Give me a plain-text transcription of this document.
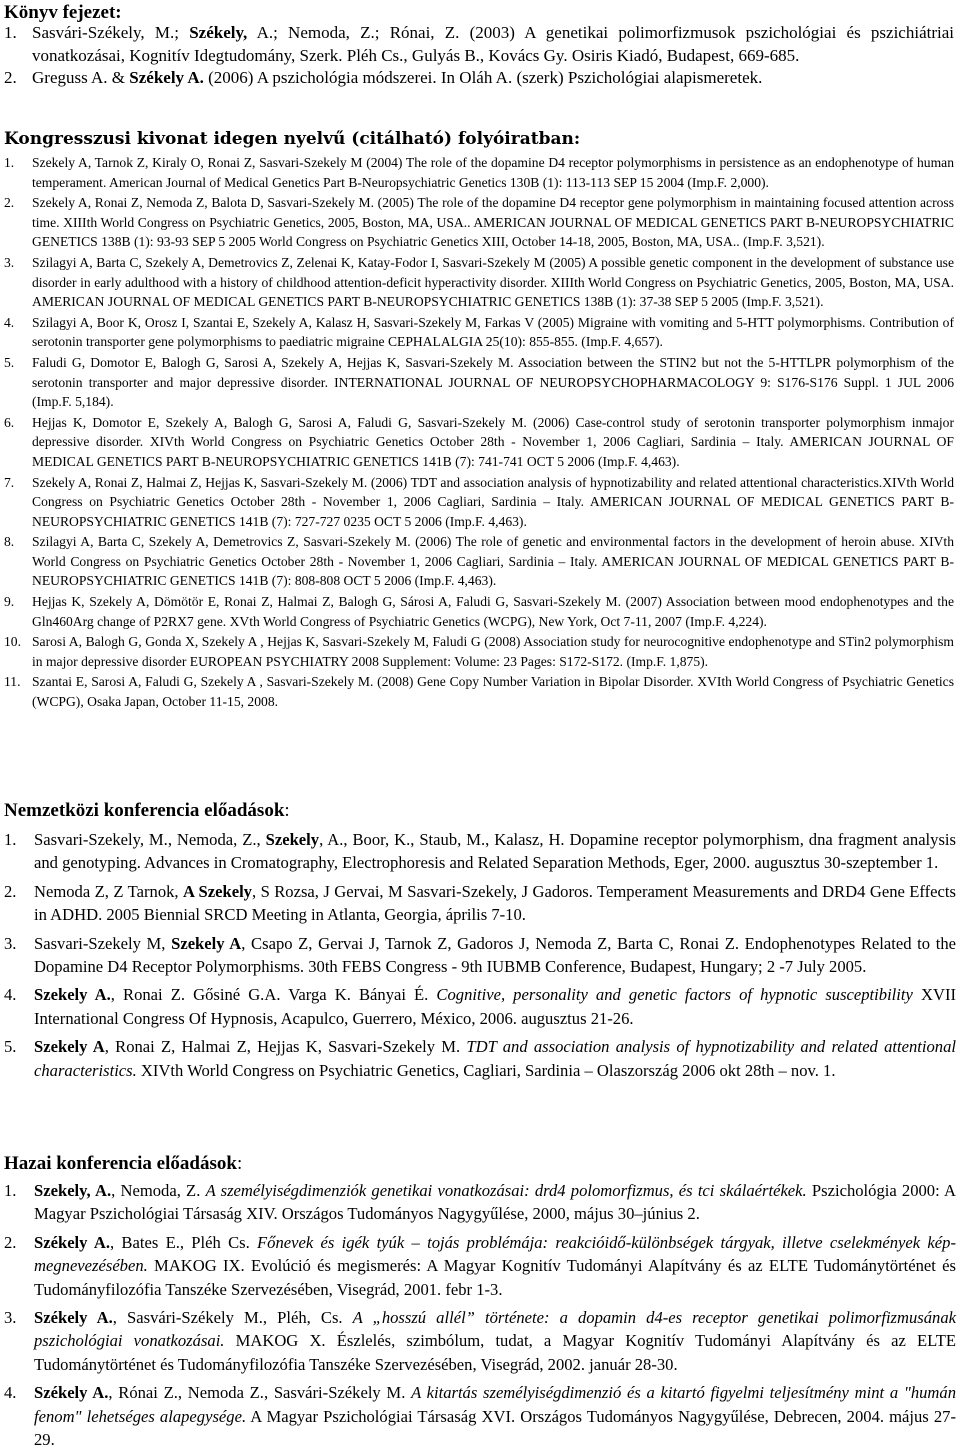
Könyv fejezet:
1. Sasvári-Székely, M.; Székely, A.; Nemoda, Z.; Rónai, Z. (2003) A genetikai polimorfizmusok pszichológiai és pszichiátriai vonatkozásai, Kognitív Idegtudomány, Szerk. Pléh Cs., Gulyás B., Kovács Gy. Osiris Kiadó, Budapest, 669-685.
2. Greguss A. & Székely A. (2006) A pszichológia módszerei. In Oláh A. (szerk) Pszichológiai alapismeretek.
Kongresszusi kivonat idegen nyelvű (citálható) folyóiratban:
1. Szekely A, Tarnok Z, Kiraly O, Ronai Z, Sasvari-Szekely M (2004) The role of the dopamine D4 receptor polymorphisms in persistence as an endophenotype of human temperament. American Journal of Medical Genetics Part B-Neuropsychiatric Genetics 130B (1): 113-113 SEP 15 2004 (Imp.F. 2,000).
2. Szekely A, Ronai Z, Nemoda Z, Balota D, Sasvari-Szekely M. (2005) The role of the dopamine D4 receptor gene polymorphism in maintaining focused attention across time. XIIIth World Congress on Psychiatric Genetics, 2005, Boston, MA, USA.. AMERICAN JOURNAL OF MEDICAL GENETICS PART B-NEUROPSYCHIATRIC GENETICS 138B (1): 93-93 SEP 5 2005 World Congress on Psychiatric Genetics XIII, October 14-18, 2005, Boston, MA, USA.. (Imp.F. 3,521).
3. Szilagyi A, Barta C, Szekely A, Demetrovics Z, Zelenai K, Katay-Fodor I, Sasvari-Szekely M (2005) A possible genetic component in the development of substance use disorder in early adulthood with a history of childhood attention-deficit hyperactivity disorder. XIIIth World Congress on Psychiatric Genetics, 2005, Boston, MA, USA. AMERICAN JOURNAL OF MEDICAL GENETICS PART B-NEUROPSYCHIATRIC GENETICS 138B (1): 37-38 SEP 5 2005 (Imp.F. 3,521).
4. Szilagyi A, Boor K, Orosz I, Szantai E, Szekely A, Kalasz H, Sasvari-Szekely M, Farkas V (2005) Migraine with vomiting and 5-HTT polymorphisms. Contribution of serotonin transporter gene polymorphisms to paediatric migraine CEPHALALGIA 25(10): 855-855. (Imp.F. 4,657).
5. Faludi G, Domotor E, Balogh G, Sarosi A, Szekely A, Hejjas K, Sasvari-Szekely M. Association between the STIN2 but not the 5-HTTLPR polymorphism of the serotonin transporter and major depressive disorder. INTERNATIONAL JOURNAL OF NEUROPSYCHOPHARMACOLOGY 9: S176-S176 Suppl. 1 JUL 2006 (Imp.F. 5,184).
6. Hejjas K, Domotor E, Szekely A, Balogh G, Sarosi A, Faludi G, Sasvari-Szekely M. (2006) Case-control study of serotonin transporter polymorphism inmajor depressive disorder. XIVth World Congress on Psychiatric Genetics October 28th - November 1, 2006 Cagliari, Sardinia – Italy. AMERICAN JOURNAL OF MEDICAL GENETICS PART B-NEUROPSYCHIATRIC GENETICS 141B (7): 741-741 OCT 5 2006 (Imp.F. 4,463).
7. Szekely A, Ronai Z, Halmai Z, Hejjas K, Sasvari-Szekely M. (2006) TDT and association analysis of hypnotizability and related attentional characteristics.XIVth World Congress on Psychiatric Genetics October 28th - November 1, 2006 Cagliari, Sardinia – Italy. AMERICAN JOURNAL OF MEDICAL GENETICS PART B-NEUROPSYCHIATRIC GENETICS 141B (7): 727-727 0235 OCT 5 2006 (Imp.F. 4,463).
8. Szilagyi A, Barta C, Szekely A, Demetrovics Z, Sasvari-Szekely M. (2006) The role of genetic and environmental factors in the development of heroin abuse. XIVth World Congress on Psychiatric Genetics October 28th - November 1, 2006 Cagliari, Sardinia – Italy. AMERICAN JOURNAL OF MEDICAL GENETICS PART B-NEUROPSYCHIATRIC GENETICS 141B (7): 808-808 OCT 5 2006 (Imp.F. 4,463).
9. Hejjas K, Szekely A, Dömötör E, Ronai Z, Halmai Z, Balogh G, Sárosi A, Faludi G, Sasvari-Szekely M. (2007) Association between mood endophenotypes and the Gln460Arg change of P2RX7 gene. XVth World Congress of Psychiatric Genetics (WCPG), New York, Oct 7-11, 2007 (Imp.F. 4,224).
10. Sarosi A, Balogh G, Gonda X, Szekely A , Hejjas K, Sasvari-Szekely M, Faludi G (2008) Association study for neurocognitive endophenotype and STin2 polymorphism in major depressive disorder EUROPEAN PSYCHIATRY 2008 Supplement: Volume: 23 Pages: S172-S172. (Imp.F. 1,875).
11. Szantai E, Sarosi A, Faludi G, Szekely A , Sasvari-Szekely M. (2008) Gene Copy Number Variation in Bipolar Disorder. XVIth World Congress of Psychiatric Genetics (WCPG), Osaka Japan, October 11-15, 2008.
Nemzetközi konferencia előadások:
1. Sasvari-Szekely, M., Nemoda, Z., Szekely, A., Boor, K., Staub, M., Kalasz, H. Dopamine receptor polymorphism, dna fragment analysis and genotyping. Advances in Cromatography, Electrophoresis and Related Separation Methods, Eger, 2000. augusztus 30-szeptember 1.
2. Nemoda Z, Z Tarnok, A Szekely, S Rozsa, J Gervai, M Sasvari-Szekely, J Gadoros. Temperament Measurements and DRD4 Gene Effects in ADHD. 2005 Biennial SRCD Meeting in Atlanta, Georgia, április 7-10.
3. Sasvari-Szekely M, Szekely A, Csapo Z, Gervai J, Tarnok Z, Gadoros J, Nemoda Z, Barta C, Ronai Z. Endophenotypes Related to the Dopamine D4 Receptor Polymorphisms. 30th FEBS Congress - 9th IUBMB Conference, Budapest, Hungary; 2 -7 July 2005.
4. Szekely A., Ronai Z. Gősiné G.A. Varga K. Bányai É. Cognitive, personality and genetic factors of hypnotic susceptibility XVII International Congress Of Hypnosis, Acapulco, Guerrero, México, 2006. augusztus 21-26.
5. Szekely A, Ronai Z, Halmai Z, Hejjas K, Sasvari-Szekely M. TDT and association analysis of hypnotizability and related attentional characteristics. XIVth World Congress on Psychiatric Genetics, Cagliari, Sardinia – Olaszország 2006 okt 28th – nov. 1.
Hazai konferencia előadások:
1. Szekely, A., Nemoda, Z. A személyiségdimenziók genetikai vonatkozásai: drd4 polomorfizmus, és tci skálaértékek. Pszichológia 2000: A Magyar Pszichológiai Társaság XIV. Országos Tudományos Nagygyűlése, 2000, május 30–június 2.
2. Székely A., Bates E., Pléh Cs. Főnevek és igék tyúk – tojás problémája: reakcióidő-különbségek tárgyak, illetve cselekmények kép-megnevezésében. MAKOG IX. Evolúció és megismerés: A Magyar Kognitív Tudományi Alapítvány és az ELTE Tudománytörténet és Tudományfilozófia Tanszéke Szervezésében, Visegrád, 2001. febr 1-3.
3. Székely A., Sasvári-Székely M., Pléh, Cs. A „hosszú allél” története: a dopamin d4-es receptor genetikai polimorfizmusának pszichológiai vonatkozásai. MAKOG X. Észlelés, szimbólum, tudat, a Magyar Kognitív Tudományi Alapítvány és az ELTE Tudománytörténet és Tudományfilozófia Tanszéke Szervezésében, Visegrád, 2002. január 28-30.
4. Székely A., Rónai Z., Nemoda Z., Sasvári-Székely M. A kitartás személyiségdimenzió és a kitartó figyelmi teljesítmény mint a "humán fenom" lehetséges alapegysége. A Magyar Pszichológiai Társaság XVI. Országos Tudományos Nagygyűlése, Debrecen, 2004. május 27-29.
